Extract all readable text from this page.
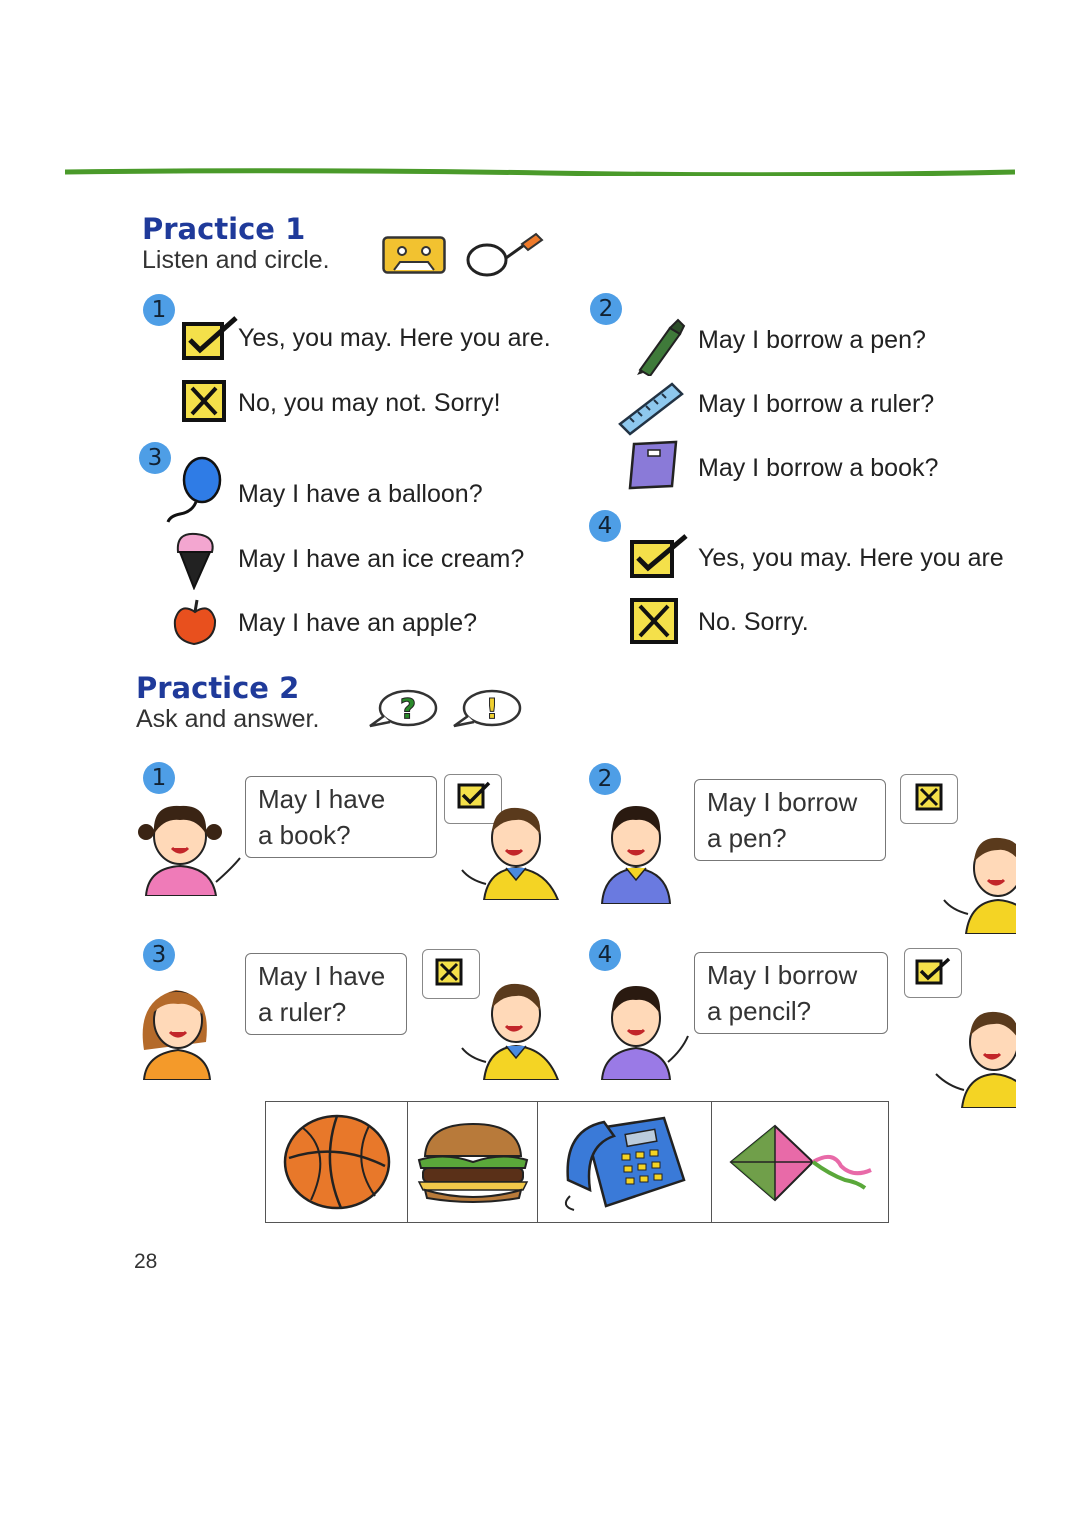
Practice 1
Listen and circle.
1
Yes, you may. Here you are.
No, you may not. Sorry!
2
May I borrow a pen?
May I borrow a ruler?
May I borrow a book?
3
May I have a balloon?
May I have an ice cream?
May I have an apple?
4
Yes, you may. Here you are
No. Sorry.
Practice 2
Ask and answer.	? !
1
May I have
a book?
2
May I borrow
a pen?
3
May I have
a ruler?
4
May I borrow
a pencil?
28
